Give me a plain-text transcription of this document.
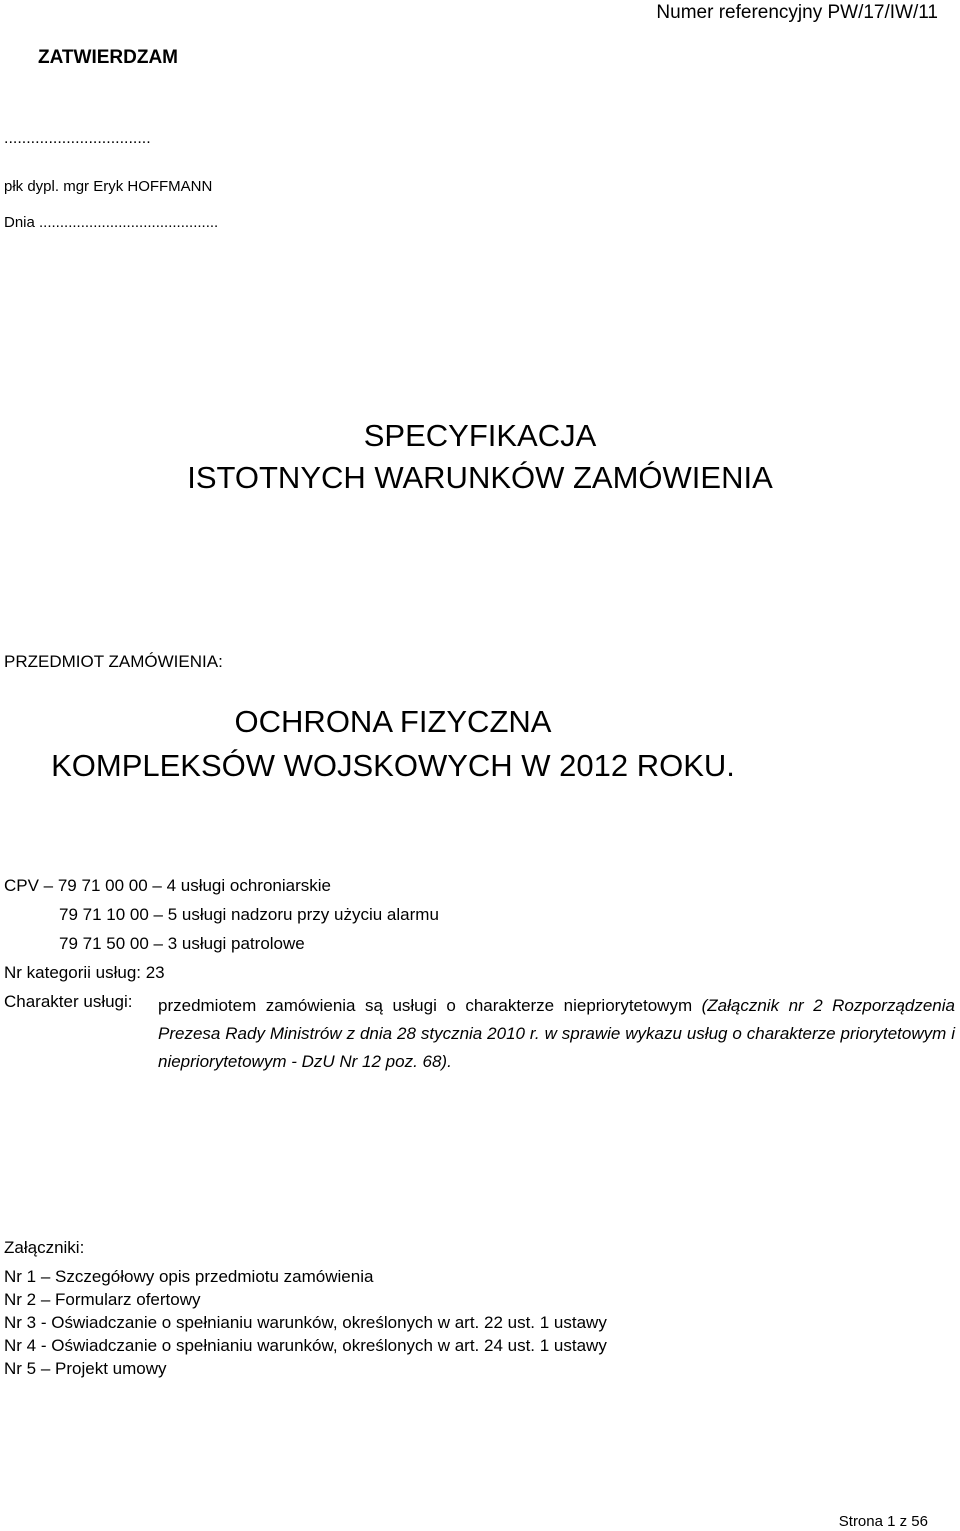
Numer referencyjny PW/17/IW/11
ZATWIERDZAM
.................................
płk dypl. mgr Eryk HOFFMANN
Dnia ...........................................
SPECYFIKACJA
ISTOTNYCH WARUNKÓW ZAMÓWIENIA
PRZEDMIOT ZAMÓWIENIA:
OCHRONA FIZYCZNA
KOMPLEKSÓW WOJSKOWYCH W 2012 ROKU.
CPV – 79 71 00 00 – 4 usługi ochroniarskie
79 71 10 00 – 5 usługi nadzoru przy użyciu alarmu
79 71 50 00 – 3 usługi patrolowe
Nr kategorii usług: 23
Charakter usługi: przedmiotem zamówienia są usługi o charakterze niepriorytetowym (Załącznik nr 2 Rozporządzenia Prezesa Rady Ministrów z dnia 28 stycznia 2010 r. w sprawie wykazu usług o charakterze priorytetowym i niepriorytetowym - DzU Nr 12 poz. 68).
Załączniki:
Nr 1 – Szczegółowy opis przedmiotu zamówienia
Nr 2 – Formularz ofertowy
Nr 3 - Oświadczanie o spełnianiu warunków, określonych w art. 22 ust. 1 ustawy
Nr 4 - Oświadczanie o spełnianiu warunków, określonych w art. 24 ust. 1 ustawy
Nr 5 – Projekt umowy
Strona 1 z 56
